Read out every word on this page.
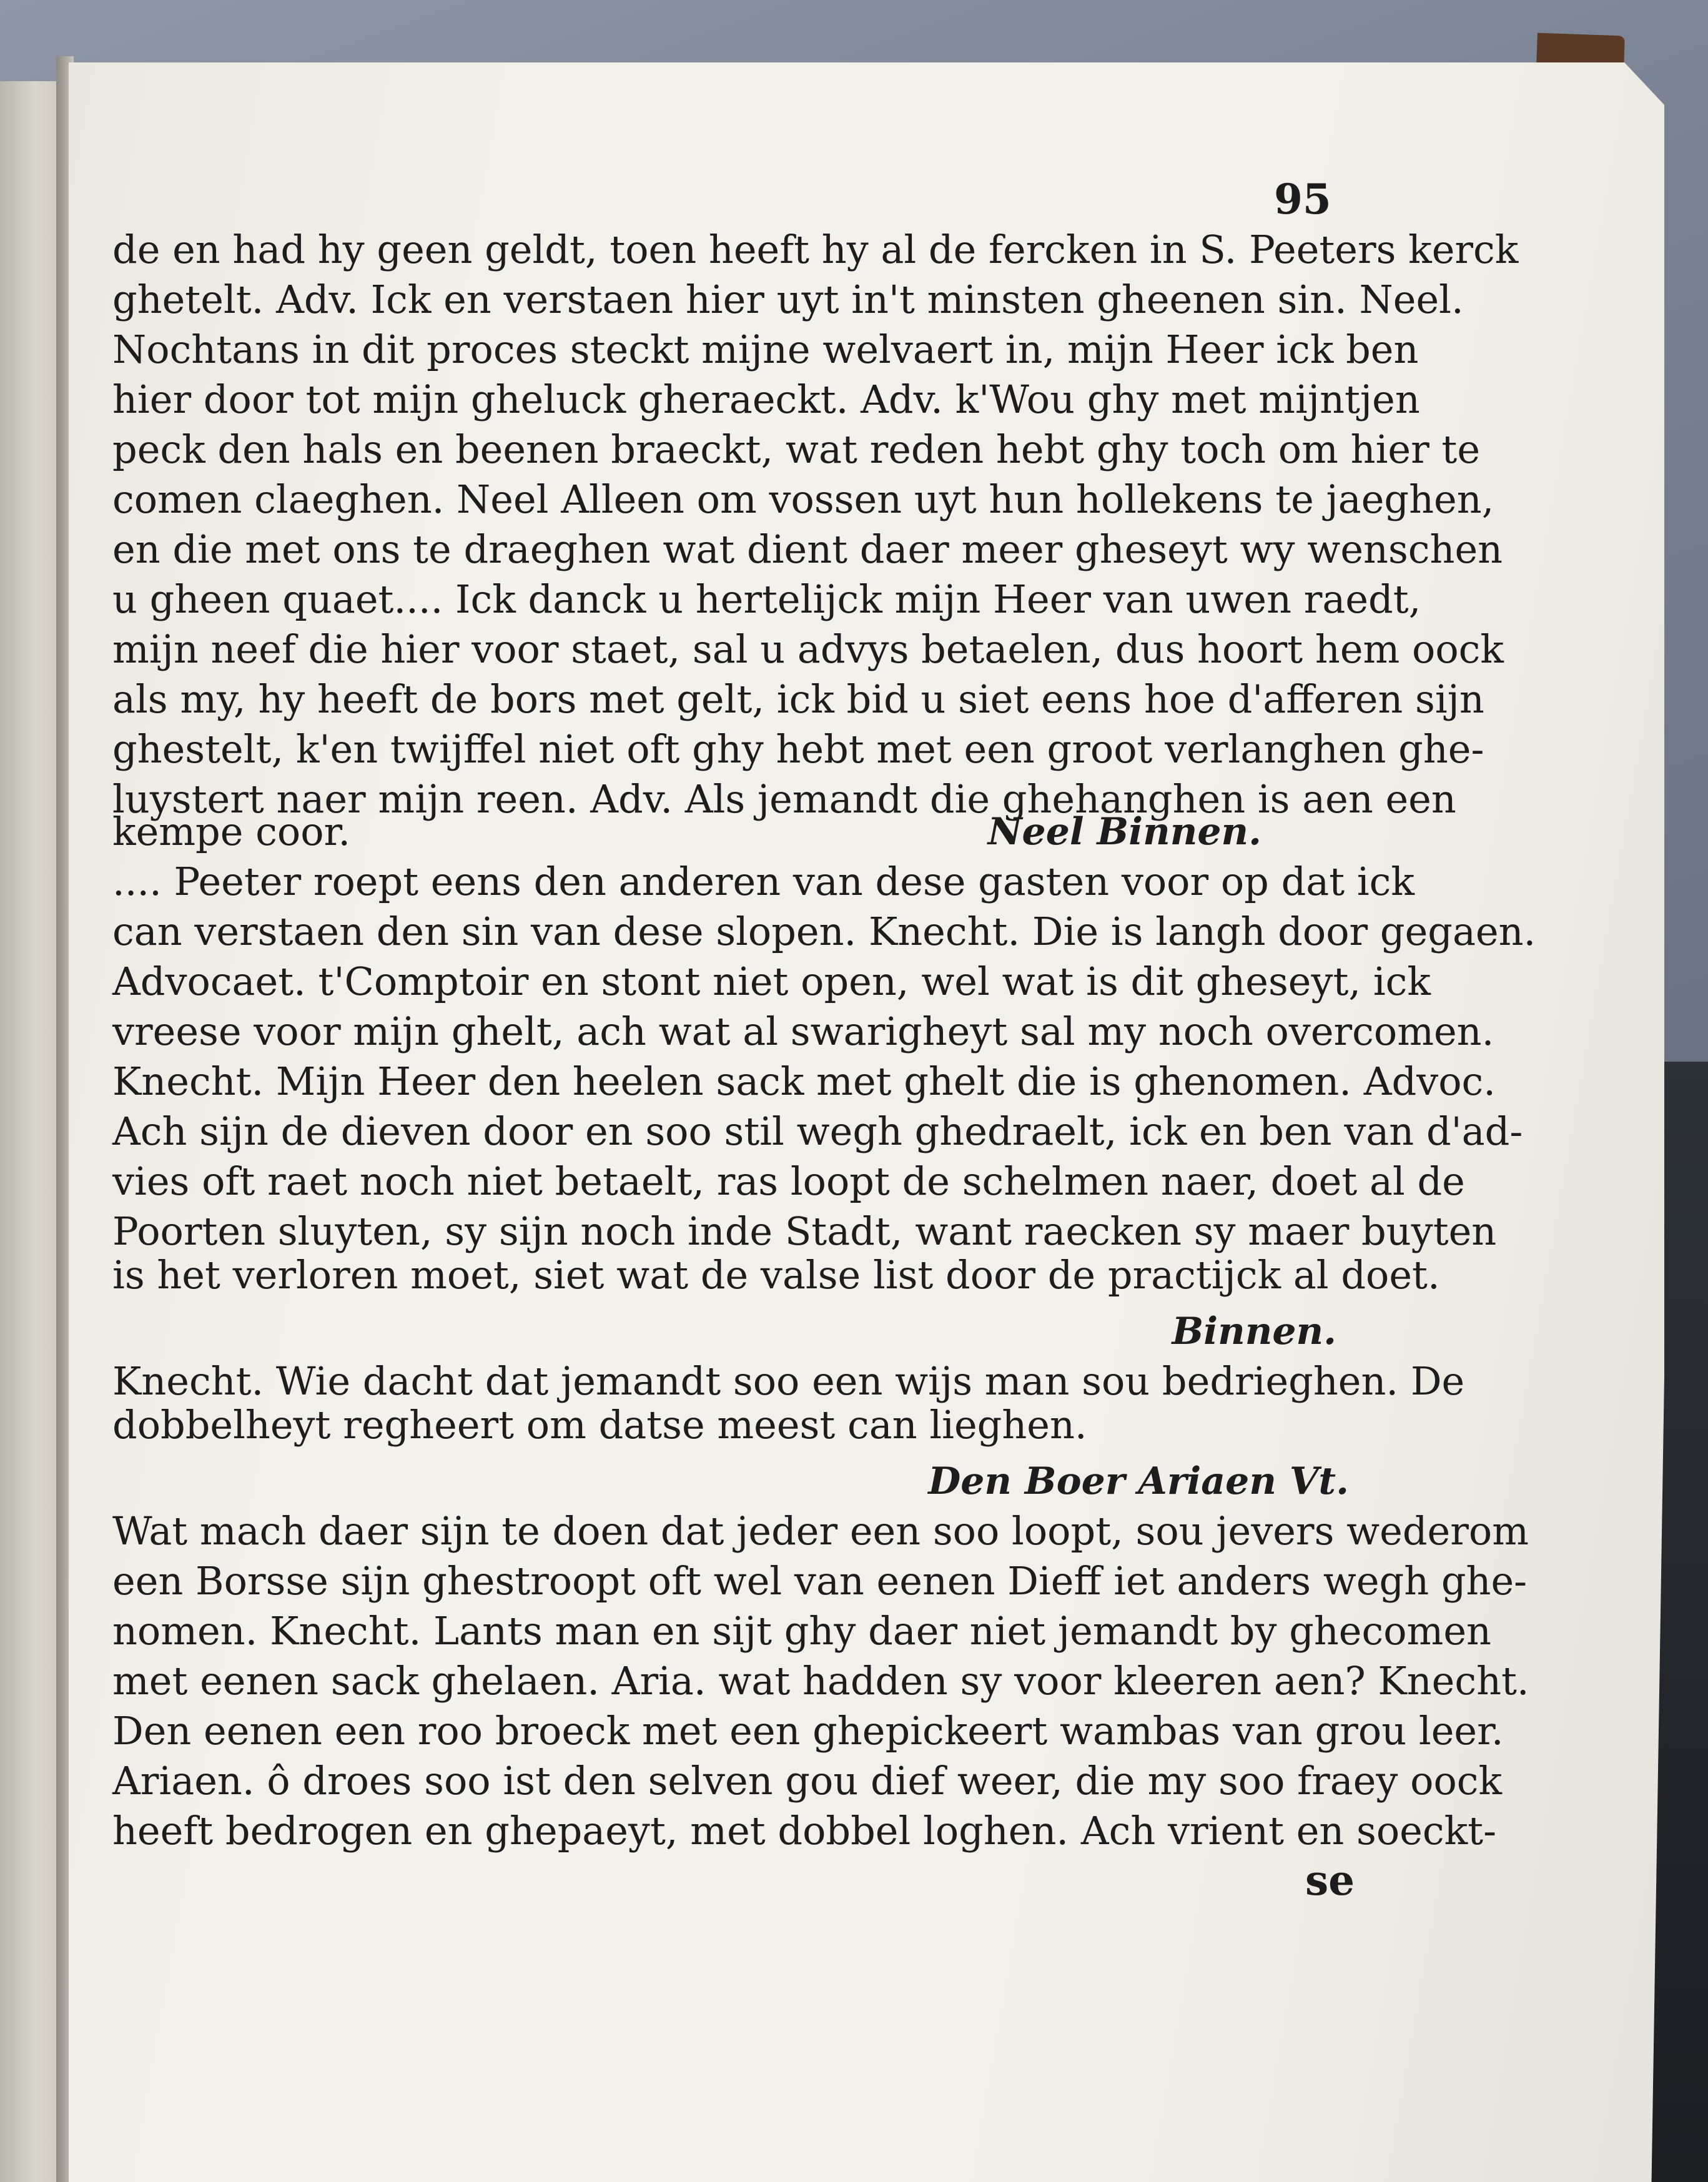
95
de en had hy geen geldt, toen heeft hy al de fercken in S. Peeters kerck
ghetelt. Adv. Ick en verstaen hier uyt in't minsten gheenen sin. Neel.
Nochtans in dit proces steckt mijne welvaert in, mijn Heer ick ben
hier door tot mijn gheluck gheraeckt. Adv. k'Wou ghy met mijntjen
peck den hals en beenen braeckt, wat reden hebt ghy toch om hier te
comen claeghen. Neel Alleen om vossen uyt hun hollekens te jaeghen,
en die met ons te draeghen wat dient daer meer gheseyt wy wenschen
u gheen quaet.... Ick danck u hertelijck mijn Heer van uwen raedt,
mijn neef die hier voor staet, sal u advys betaelen, dus hoort hem oock
als my, hy heeft de bors met gelt, ick bid u siet eens hoe d'afferen sijn
ghestelt, k'en twijffel niet oft ghy hebt met een groot verlanghen ghe-
luystert naer mijn reen. Adv. Als jemandt die ghehanghen is aen een
kempe coor.	Neel Binnen.
.... Peeter roept eens den anderen van dese gasten voor op dat ick
can verstaen den sin van dese slopen. Knecht. Die is langh door gegaen.
Advocaet. t'Comptoir en stont niet open, wel wat is dit gheseyt, ick
vreese voor mijn ghelt, ach wat al swarigheyt sal my noch overcomen.
Knecht. Mijn Heer den heelen sack met ghelt die is ghenomen. Advoc.
Ach sijn de dieven door en soo stil wegh ghedraelt, ick en ben van d'ad-
vies oft raet noch niet betaelt, ras loopt de schelmen naer, doet al de
Poorten sluyten, sy sijn noch inde Stadt, want raecken sy maer buyten
is het verloren moet, siet wat de valse list door de practijck al doet.
Binnen.
Knecht. Wie dacht dat jemandt soo een wijs man sou bedrieghen. De
dobbelheyt regheert om datse meest can lieghen.
Den Boer Ariaen Vt.
Wat mach daer sijn te doen dat jeder een soo loopt, sou jevers wederom
een Borsse sijn ghestroopt oft wel van eenen Dieff iet anders wegh ghe-
nomen. Knecht. Lants man en sijt ghy daer niet jemandt by ghecomen
met eenen sack ghelaen. Aria. wat hadden sy voor kleeren aen? Knecht.
Den eenen een roo broeck met een ghepickeert wambas van grou leer.
Ariaen. ô droes soo ist den selven gou dief weer, die my soo fraey oock
heeft bedrogen en ghepaeyt, met dobbel loghen. Ach vrient en soeckt-
se
